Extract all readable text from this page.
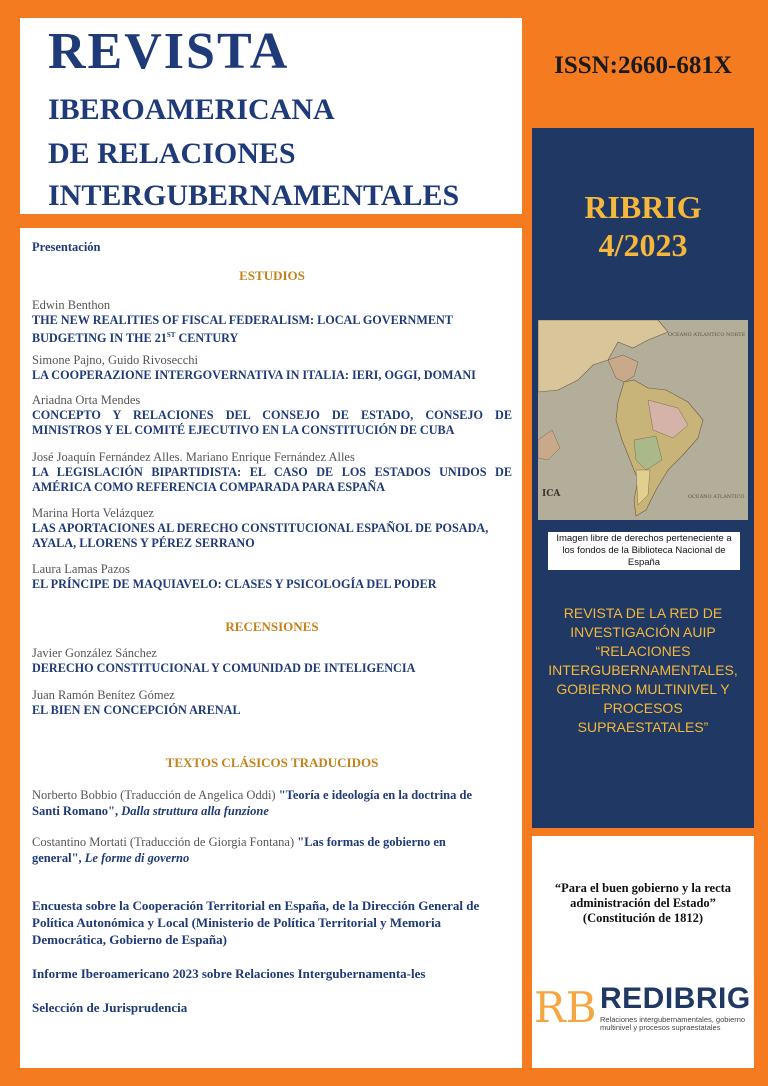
REVISTA
IBEROAMERICANA
DE RELACIONES
INTERGUBERNAMENTALES
ISSN:2660-681X
RIBRIG
4/2023
OCEANO ATLANTICO NORTE
OCEANO ATLANTICO
ICA
Imagen libre de derechos perteneciente a los fondos de la Biblioteca Nacional de España
REVISTA DE LA RED DE INVESTIGACIÓN AUIP “RELACIONES INTERGUBERNAMENTALES, GOBIERNO MULTINIVEL Y PROCESOS SUPRAESTATALES”
“Para el buen gobierno y la recta administración del Estado”
(Constitución de 1812)
RB REDIBRIG
Relaciones intergubernamentales, gobierno multinivel y procesos supraestatales
Presentación
ESTUDIOS
Edwin Benthon
THE NEW REALITIES OF FISCAL FEDERALISM: LOCAL GOVERNMENT BUDGETING IN THE 21ST CENTURY
Simone Pajno, Guido Rivosecchi
LA COOPERAZIONE INTERGOVERNATIVA IN ITALIA: IERI, OGGI, DOMANI
Ariadna Orta Mendes
CONCEPTO Y RELACIONES DEL CONSEJO DE ESTADO, CONSEJO DE MINISTROS Y EL COMITÉ EJECUTIVO EN LA CONSTITUCIÓN DE CUBA
José Joaquín Fernández Alles. Mariano Enrique Fernández Alles
LA LEGISLACIÓN BIPARTIDISTA: EL CASO DE LOS ESTADOS UNIDOS DE AMÉRICA COMO REFERENCIA COMPARADA PARA ESPAÑA
Marina Horta Velázquez
LAS APORTACIONES AL DERECHO CONSTITUCIONAL ESPAÑOL DE POSADA, AYALA, LLORENS Y PÉREZ SERRANO
Laura Lamas Pazos
EL PRÍNCIPE DE MAQUIAVELO: CLASES Y PSICOLOGÍA DEL PODER
RECENSIONES
Javier González Sánchez
DERECHO CONSTITUCIONAL Y COMUNIDAD DE INTELIGENCIA
Juan Ramón Benítez Gómez
EL BIEN EN CONCEPCIÓN ARENAL
TEXTOS CLÁSICOS TRADUCIDOS
Norberto Bobbio (Traducción de Angelica Oddi) "Teoría e ideología en la doctrina de Santi Romano", Dalla struttura alla funzione
Costantino Mortati (Traducción de Giorgia Fontana) "Las formas de gobierno en general", Le forme di governo
Encuesta sobre la Cooperación Territorial en España, de la Dirección General de Política Autonómica y Local (Ministerio de Política Territorial y Memoria Democrática, Gobierno de España)
Informe Iberoamericano 2023 sobre Relaciones Intergubernamenta-les
Selección de Jurisprudencia
